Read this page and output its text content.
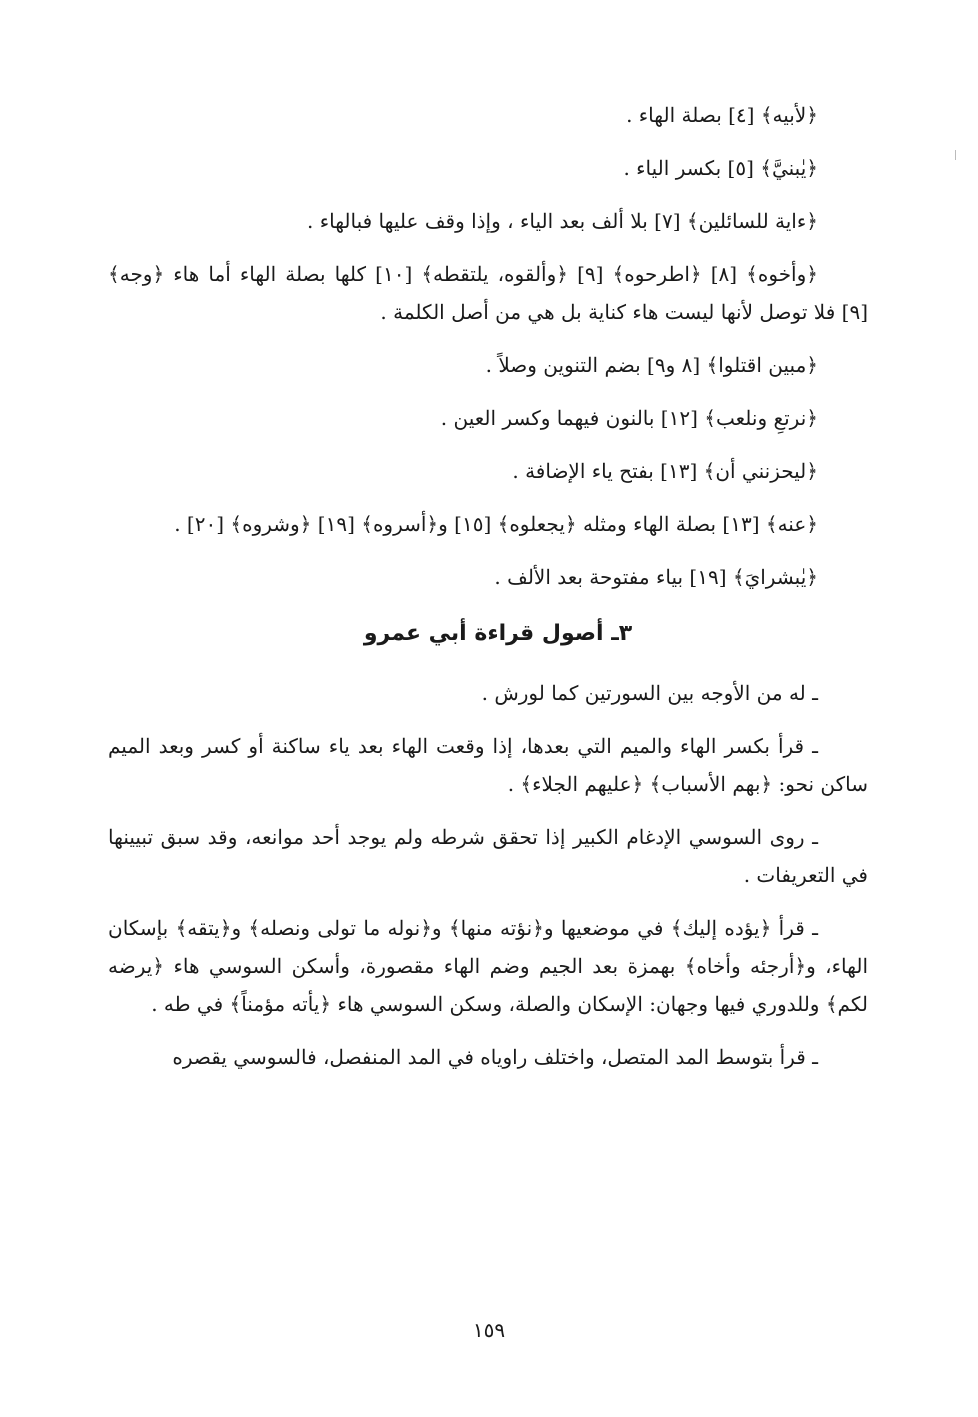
﴿لأبيه﴾ [٤] بصلة الهاء .

﴿يٰبنيَّ﴾ [٥] بكسر الياء .

﴿ءاية للسائلين﴾ [٧] بلا ألف بعد الياء ، وإذا وقف عليها فبالهاء .

﴿وأخوه﴾ [٨] ﴿اطرحوه﴾ [٩] ﴿وألقوه، يلتقطه﴾ [١٠] كلها بصلة الهاء أما هاء ﴿وجه﴾ [٩] فلا توصل لأنها ليست هاء كناية بل هي من أصل الكلمة .

﴿مبين اقتلوا﴾ [٨ و٩] بضم التنوين وصلاً .

﴿نرتعِ ونلعب﴾ [١٢] بالنون فيهما وكسر العين .

﴿ليحزنني أن﴾ [١٣] بفتح ياء الإضافة .

﴿عنه﴾ [١٣] بصلة الهاء ومثله ﴿يجعلوه﴾ [١٥] و﴿أسروه﴾ [١٩] ﴿وشروه﴾ [٢٠] .

﴿يٰبشرايَ﴾ [١٩] بياء مفتوحة بعد الألف .

٣ـ أصول قراءة أبي عمرو

ـ له من الأوجه بين السورتين كما لورش .

ـ قرأ بكسر الهاء والميم التي بعدها، إذا وقعت الهاء بعد ياء ساكنة أو كسر وبعد الميم ساكن نحو: ﴿بهم الأسباب﴾ ﴿عليهم الجلاء﴾ .

ـ روى السوسي الإدغام الكبير إذا تحقق شرطه ولم يوجد أحد موانعه، وقد سبق تبيينها في التعريفات .

ـ قرأ ﴿يؤده إليك﴾ في موضعيها و﴿نؤته منها﴾ و﴿نوله ما تولى ونصله﴾ و﴿يتقه﴾ بإسكان الهاء، و﴿أرجئه وأخاه﴾ بهمزة بعد الجيم وضم الهاء مقصورة، وأسكن السوسي هاء ﴿يرضه لكم﴾ وللدوري فيها وجهان: الإسكان والصلة، وسكن السوسي هاء ﴿يأته مؤمناً﴾ في طه .

ـ قرأ بتوسط المد المتصل، واختلف راوياه في المد المنفصل، فالسوسي يقصره

١٥٩
